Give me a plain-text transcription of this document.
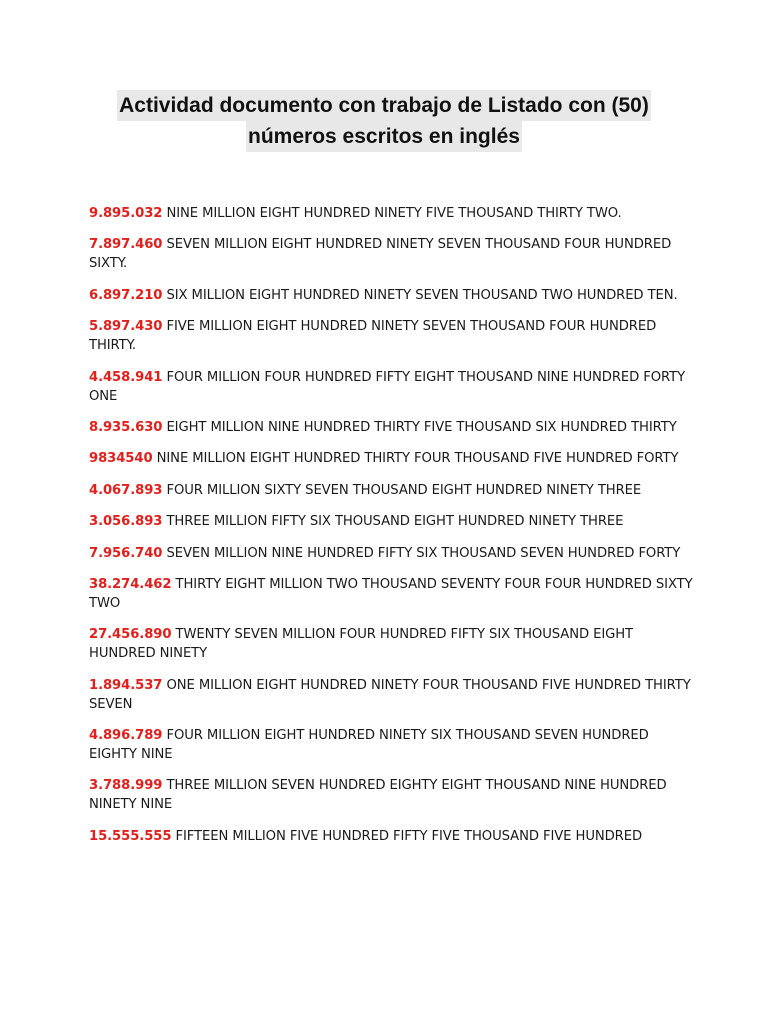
Actividad documento con trabajo de Listado con (50)
números escritos en inglés

9.895.032 NINE MILLION EIGHT HUNDRED NINETY FIVE THOUSAND THIRTY TWO.

7.897.460 SEVEN MILLION EIGHT HUNDRED NINETY SEVEN THOUSAND FOUR HUNDRED SIXTY.

6.897.210 SIX MILLION EIGHT HUNDRED NINETY SEVEN THOUSAND TWO HUNDRED TEN.

5.897.430 FIVE MILLION EIGHT HUNDRED NINETY SEVEN THOUSAND FOUR HUNDRED THIRTY.

4.458.941 FOUR MILLION FOUR HUNDRED FIFTY EIGHT THOUSAND NINE HUNDRED FORTY ONE

8.935.630 EIGHT MILLION NINE HUNDRED THIRTY FIVE THOUSAND SIX HUNDRED THIRTY

9834540 NINE MILLION EIGHT HUNDRED THIRTY FOUR THOUSAND FIVE HUNDRED FORTY

4.067.893 FOUR MILLION SIXTY SEVEN THOUSAND EIGHT HUNDRED NINETY THREE

3.056.893 THREE MILLION FIFTY SIX THOUSAND EIGHT HUNDRED NINETY THREE

7.956.740 SEVEN MILLION NINE HUNDRED FIFTY SIX THOUSAND SEVEN HUNDRED FORTY

38.274.462 THIRTY EIGHT MILLION TWO THOUSAND SEVENTY FOUR FOUR HUNDRED SIXTY TWO

27.456.890 TWENTY SEVEN MILLION FOUR HUNDRED FIFTY SIX THOUSAND EIGHT HUNDRED NINETY

1.894.537 ONE MILLION EIGHT HUNDRED NINETY FOUR THOUSAND FIVE HUNDRED THIRTY SEVEN

4.896.789 FOUR MILLION EIGHT HUNDRED NINETY SIX THOUSAND SEVEN HUNDRED EIGHTY NINE

3.788.999 THREE MILLION SEVEN HUNDRED EIGHTY EIGHT THOUSAND NINE HUNDRED NINETY NINE

15.555.555 FIFTEEN MILLION FIVE HUNDRED FIFTY FIVE THOUSAND FIVE HUNDRED
